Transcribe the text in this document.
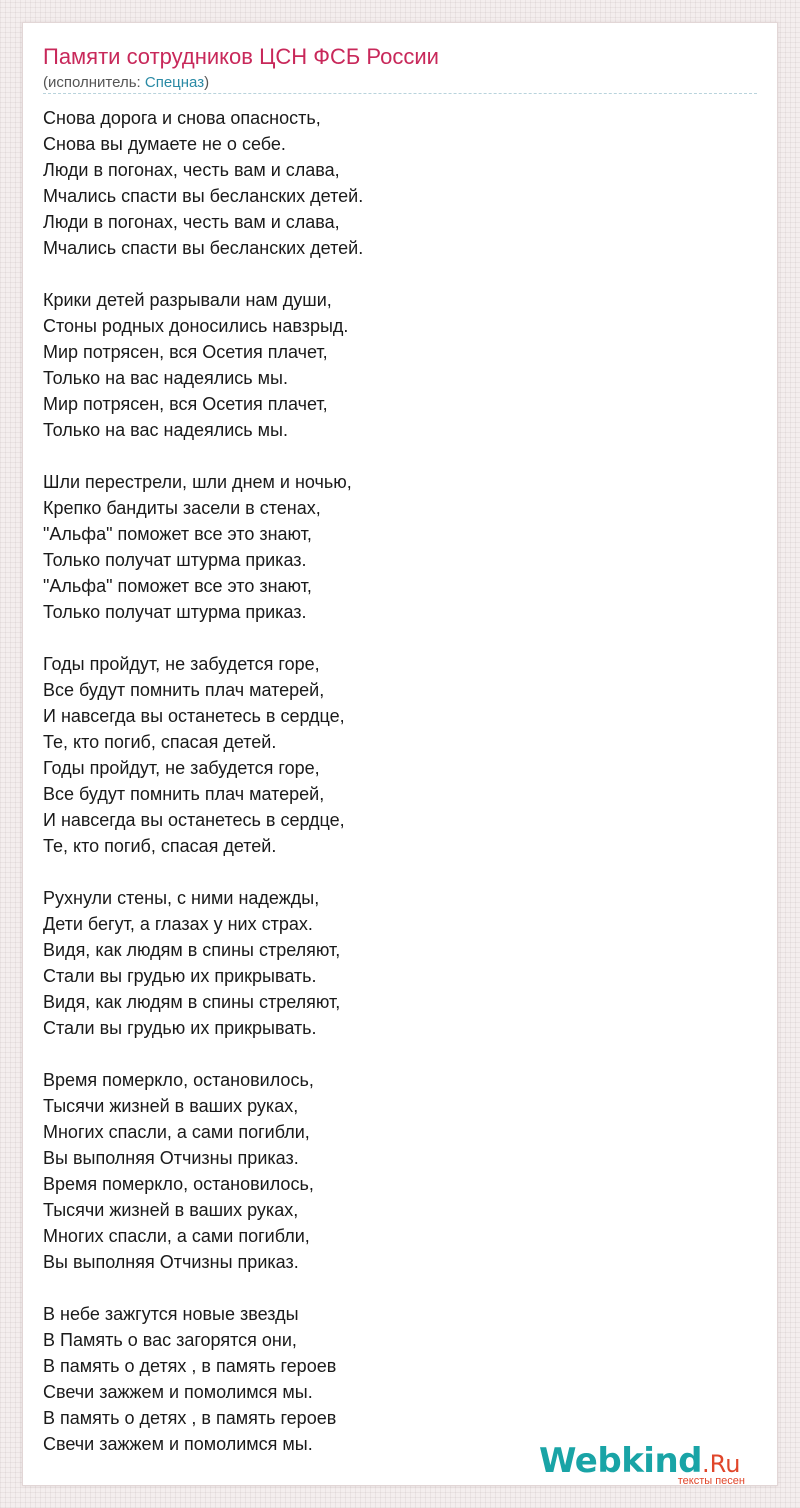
Памяти сотрудников ЦСН ФСБ России
(исполнитель: Спецназ)
Снова дорога и снова опасность,
Снова вы думаете не о себе.
Люди в погонах, честь вам и слава,
Мчались спасти вы бесланских детей.
Люди в погонах, честь вам и слава,
Мчались спасти вы бесланских детей.
Крики детей разрывали нам души,
Стоны родных доносились навзрыд.
Мир потрясен, вся Осетия плачет,
Только на вас надеялись мы.
Мир потрясен, вся Осетия плачет,
Только на вас надеялись мы.
Шли перестрели, шли днем и ночью,
Крепко бандиты засели в стенах,
"Альфа" поможет все это знают,
Только получат штурма приказ.
"Альфа" поможет все это знают,
Только получат штурма приказ.
Годы пройдут, не забудется горе,
Все будут помнить плач матерей,
И навсегда вы останетесь в сердце,
Те, кто погиб, спасая детей.
Годы пройдут, не забудется горе,
Все будут помнить плач матерей,
И навсегда вы останетесь в сердце,
Те, кто погиб, спасая детей.
Рухнули стены, с ними надежды,
Дети бегут, а глазах у них страх.
Видя, как людям в спины стреляют,
Стали вы грудью их прикрывать.
Видя, как людям в спины стреляют,
Стали вы грудью их прикрывать.
Время померкло, остановилось,
Тысячи жизней в ваших руках,
Многих спасли, а сами погибли,
Вы выполняя Отчизны приказ.
Время померкло, остановилось,
Тысячи жизней в ваших руках,
Многих спасли, а сами погибли,
Вы выполняя Отчизны приказ.
В небе зажгутся новые звезды
В Память о вас загорятся они,
В память о детях , в память героев
Свечи зажжем и помолимся мы.
В память о детях , в память героев
Свечи зажжем и помолимся мы.	Webkind.Ru
тексты песен
